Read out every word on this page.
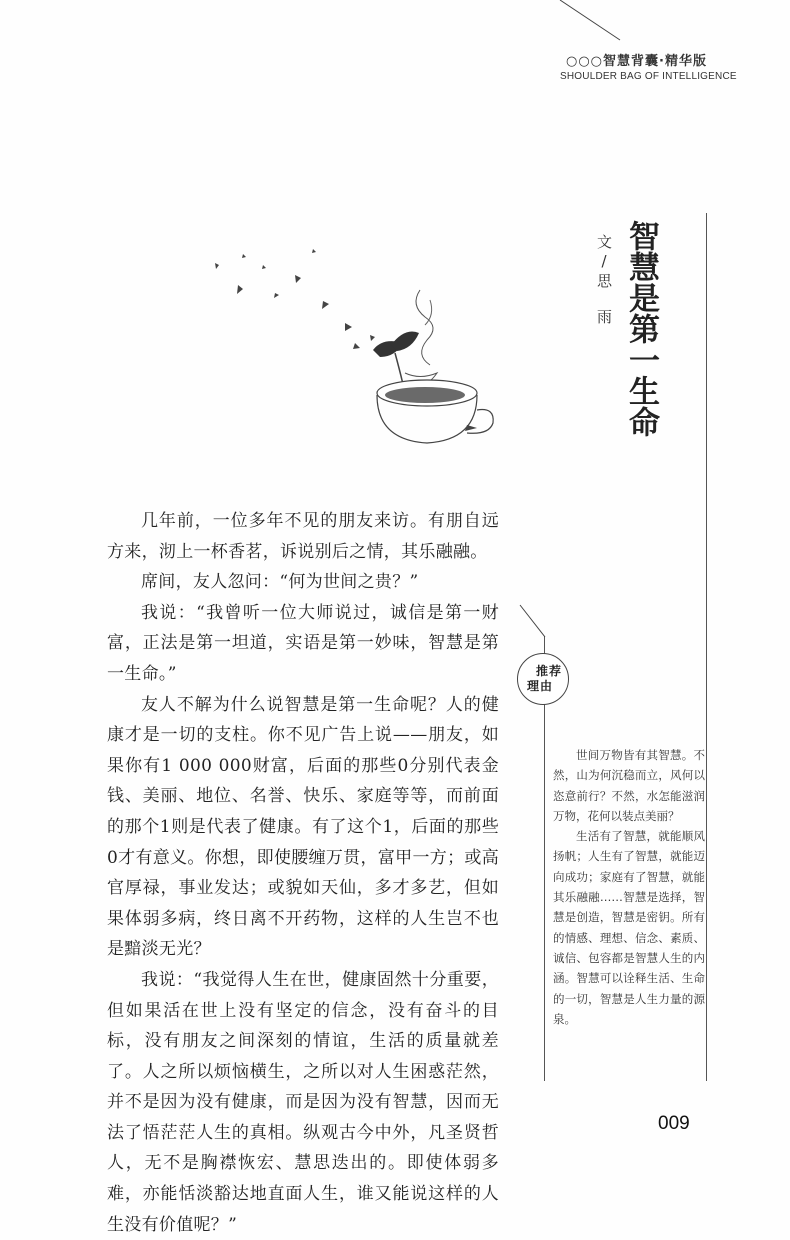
○○○智慧背囊·精华版
SHOULDER BAG OF INTELLIGENCE
智慧是第一生命
文/思　雨

几年前，一位多年不见的朋友来访。有朋自远方来，沏上一杯香茗，诉说别后之情，其乐融融。

席间，友人忽问：“何为世间之贵？”

我说：“我曾听一位大师说过，诚信是第一财富，正法是第一坦道，实语是第一妙味，智慧是第一生命。”

友人不解为什么说智慧是第一生命呢？人的健康才是一切的支柱。你不见广告上说——朋友，如果你有1 000 000财富，后面的那些0分别代表金钱、美丽、地位、名誉、快乐、家庭等等，而前面的那个1则是代表了健康。有了这个1，后面的那些0才有意义。你想，即使腰缠万贯，富甲一方；或高官厚禄，事业发达；或貌如天仙，多才多艺，但如果体弱多病，终日离不开药物，这样的人生岂不也是黯淡无光？

我说：“我觉得人生在世，健康固然十分重要，但如果活在世上没有坚定的信念，没有奋斗的目标，没有朋友之间深刻的情谊，生活的质量就差了。人之所以烦恼横生，之所以对人生困惑茫然，并不是因为没有健康，而是因为没有智慧，因而无法了悟茫茫人生的真相。纵观古今中外，凡圣贤哲人，无不是胸襟恢宏、慧思迭出的。即使体弱多难，亦能恬淡豁达地直面人生，谁又能说这样的人生没有价值呢？”

推荐
理由

世间万物皆有其智慧。不然，山为何沉稳而立，风何以恣意前行？不然，水怎能滋润万物，花何以装点美丽？

生活有了智慧，就能顺风扬帆；人生有了智慧，就能迈向成功；家庭有了智慧，就能其乐融融……智慧是选择，智慧是创造，智慧是密钥。所有的情感、理想、信念、素质、诚信、包容都是智慧人生的内涵。智慧可以诠释生活、生命的一切，智慧是人生力量的源泉。

009
